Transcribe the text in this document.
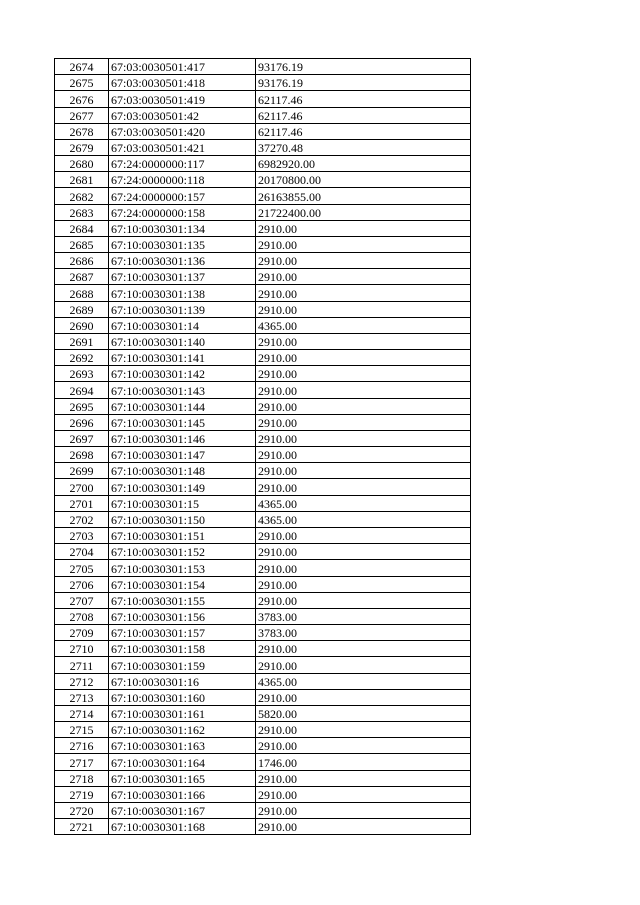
2674	67:03:0030501:417	93176.19
2675	67:03:0030501:418	93176.19
2676	67:03:0030501:419	62117.46
2677	67:03:0030501:42	62117.46
2678	67:03:0030501:420	62117.46
2679	67:03:0030501:421	37270.48
2680	67:24:0000000:117	6982920.00
2681	67:24:0000000:118	20170800.00
2682	67:24:0000000:157	26163855.00
2683	67:24:0000000:158	21722400.00
2684	67:10:0030301:134	2910.00
2685	67:10:0030301:135	2910.00
2686	67:10:0030301:136	2910.00
2687	67:10:0030301:137	2910.00
2688	67:10:0030301:138	2910.00
2689	67:10:0030301:139	2910.00
2690	67:10:0030301:14	4365.00
2691	67:10:0030301:140	2910.00
2692	67:10:0030301:141	2910.00
2693	67:10:0030301:142	2910.00
2694	67:10:0030301:143	2910.00
2695	67:10:0030301:144	2910.00
2696	67:10:0030301:145	2910.00
2697	67:10:0030301:146	2910.00
2698	67:10:0030301:147	2910.00
2699	67:10:0030301:148	2910.00
2700	67:10:0030301:149	2910.00
2701	67:10:0030301:15	4365.00
2702	67:10:0030301:150	4365.00
2703	67:10:0030301:151	2910.00
2704	67:10:0030301:152	2910.00
2705	67:10:0030301:153	2910.00
2706	67:10:0030301:154	2910.00
2707	67:10:0030301:155	2910.00
2708	67:10:0030301:156	3783.00
2709	67:10:0030301:157	3783.00
2710	67:10:0030301:158	2910.00
2711	67:10:0030301:159	2910.00
2712	67:10:0030301:16	4365.00
2713	67:10:0030301:160	2910.00
2714	67:10:0030301:161	5820.00
2715	67:10:0030301:162	2910.00
2716	67:10:0030301:163	2910.00
2717	67:10:0030301:164	1746.00
2718	67:10:0030301:165	2910.00
2719	67:10:0030301:166	2910.00
2720	67:10:0030301:167	2910.00
2721	67:10:0030301:168	2910.00
